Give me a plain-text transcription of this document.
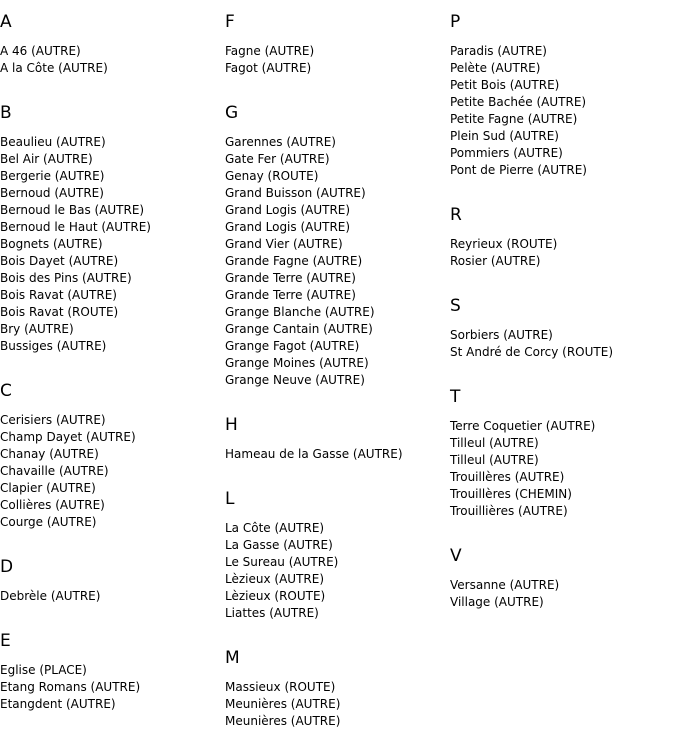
A
A 46 (AUTRE)
A la Côte (AUTRE)
B
Beaulieu (AUTRE)
Bel Air (AUTRE)
Bergerie (AUTRE)
Bernoud (AUTRE)
Bernoud le Bas (AUTRE)
Bernoud le Haut (AUTRE)
Bognets (AUTRE)
Bois Dayet (AUTRE)
Bois des Pins (AUTRE)
Bois Ravat (AUTRE)
Bois Ravat (ROUTE)
Bry (AUTRE)
Bussiges (AUTRE)
C
Cerisiers (AUTRE)
Champ Dayet (AUTRE)
Chanay (AUTRE)
Chavaille (AUTRE)
Clapier (AUTRE)
Collières (AUTRE)
Courge (AUTRE)
D
Debrèle (AUTRE)
E
Eglise (PLACE)
Etang Romans (AUTRE)
Etangdent (AUTRE)
F
Fagne (AUTRE)
Fagot (AUTRE)
G
Garennes (AUTRE)
Gate Fer (AUTRE)
Genay (ROUTE)
Grand Buisson (AUTRE)
Grand Logis (AUTRE)
Grand Logis (AUTRE)
Grand Vier (AUTRE)
Grande Fagne (AUTRE)
Grande Terre (AUTRE)
Grande Terre (AUTRE)
Grange Blanche (AUTRE)
Grange Cantain (AUTRE)
Grange Fagot (AUTRE)
Grange Moines (AUTRE)
Grange Neuve (AUTRE)
H
Hameau de la Gasse (AUTRE)
L
La Côte (AUTRE)
La Gasse (AUTRE)
Le Sureau (AUTRE)
Lèzieux (AUTRE)
Lèzieux (ROUTE)
Liattes (AUTRE)
M
Massieux (ROUTE)
Meunières (AUTRE)
Meunières (AUTRE)
P
Paradis (AUTRE)
Pelète (AUTRE)
Petit Bois (AUTRE)
Petite Bachée (AUTRE)
Petite Fagne (AUTRE)
Plein Sud (AUTRE)
Pommiers (AUTRE)
Pont de Pierre (AUTRE)
R
Reyrieux (ROUTE)
Rosier (AUTRE)
S
Sorbiers (AUTRE)
St André de Corcy (ROUTE)
T
Terre Coquetier (AUTRE)
Tilleul (AUTRE)
Tilleul (AUTRE)
Trouillères (AUTRE)
Trouillères (CHEMIN)
Trouillières (AUTRE)
V
Versanne (AUTRE)
Village (AUTRE)
